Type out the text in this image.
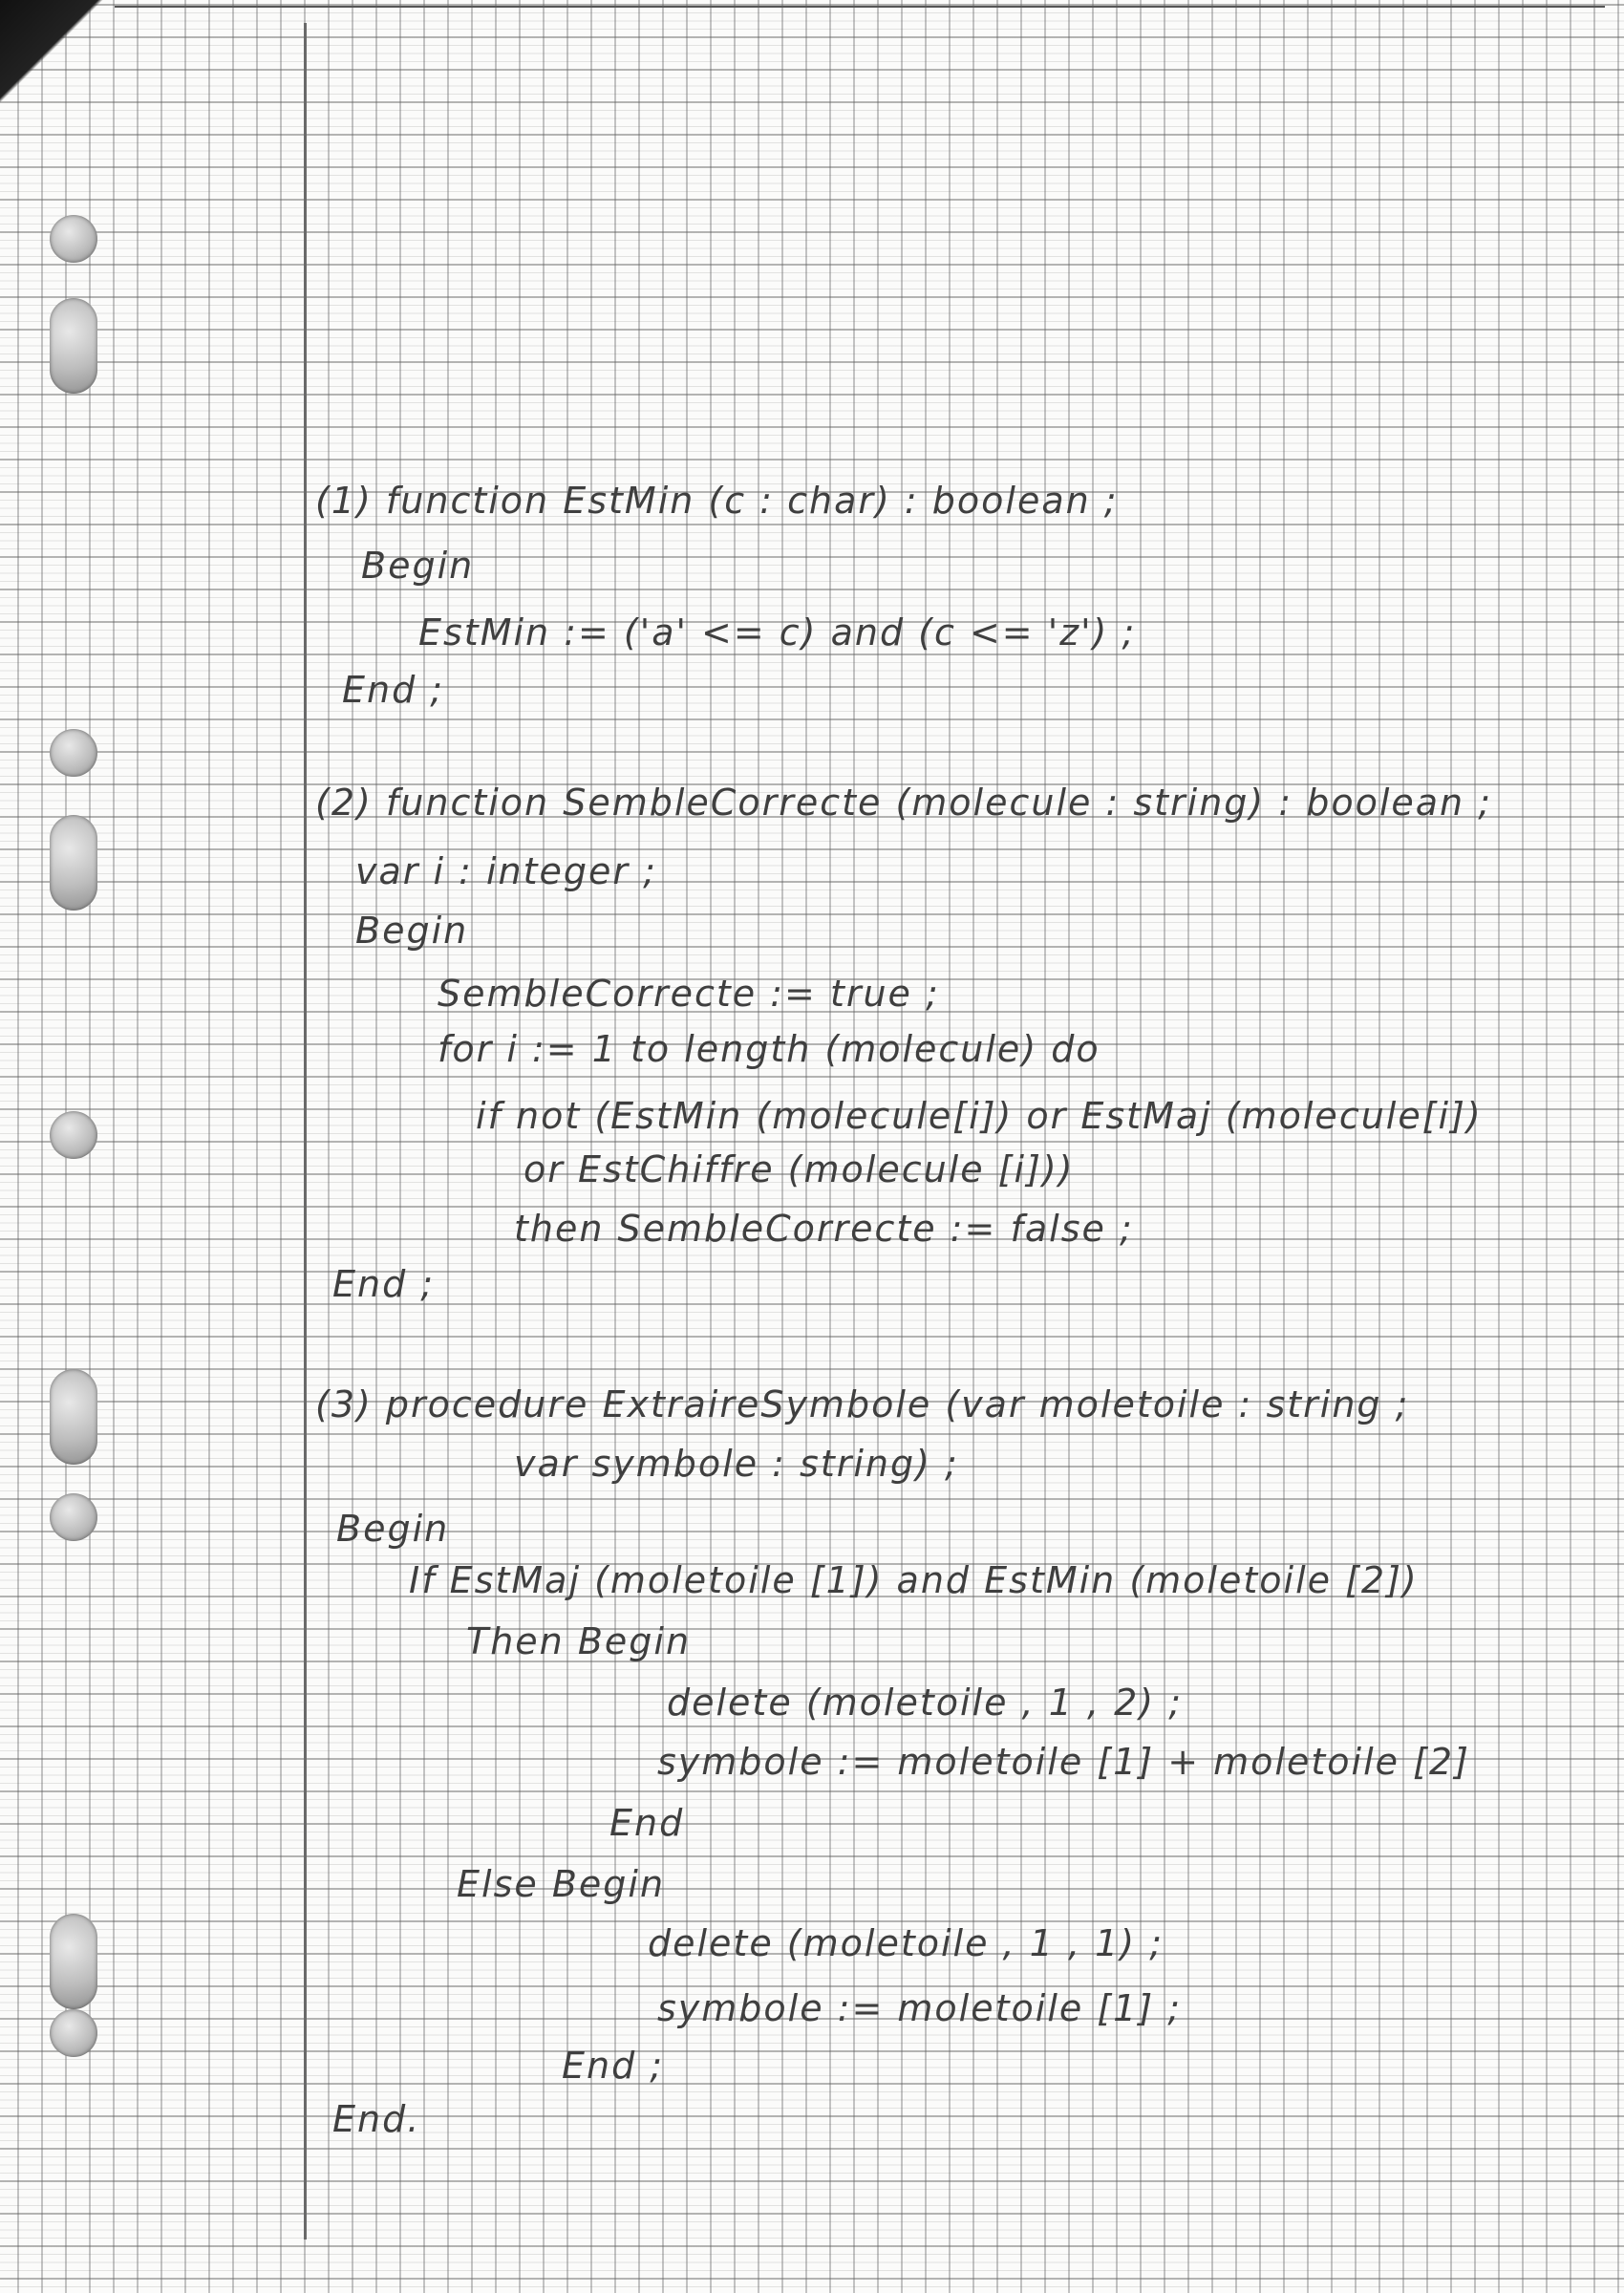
(1) function EstMin (c : char) : boolean ;

Begin

EstMin := ('a' <= c) and (c <= 'z') ;

End ;

(2) function SembleCorrecte (molecule : string) : boolean ;

var i : integer ;

Begin

SembleCorrecte := true ;

for i := 1 to length (molecule) do

if not (EstMin (molecule[i]) or EstMaj (molecule[i])

or EstChiffre (molecule [i]))

then SembleCorrecte := false ;

End ;

(3) procedure ExtraireSymbole (var moletoile : string ;

var symbole : string) ;

Begin

If EstMaj (moletoile [1]) and EstMin (moletoile [2])

Then Begin

delete (moletoile , 1 , 2) ;

symbole := moletoile [1] + moletoile [2]

End

Else Begin

delete (moletoile , 1 , 1) ;

symbole := moletoile [1] ;

End ;

End.
